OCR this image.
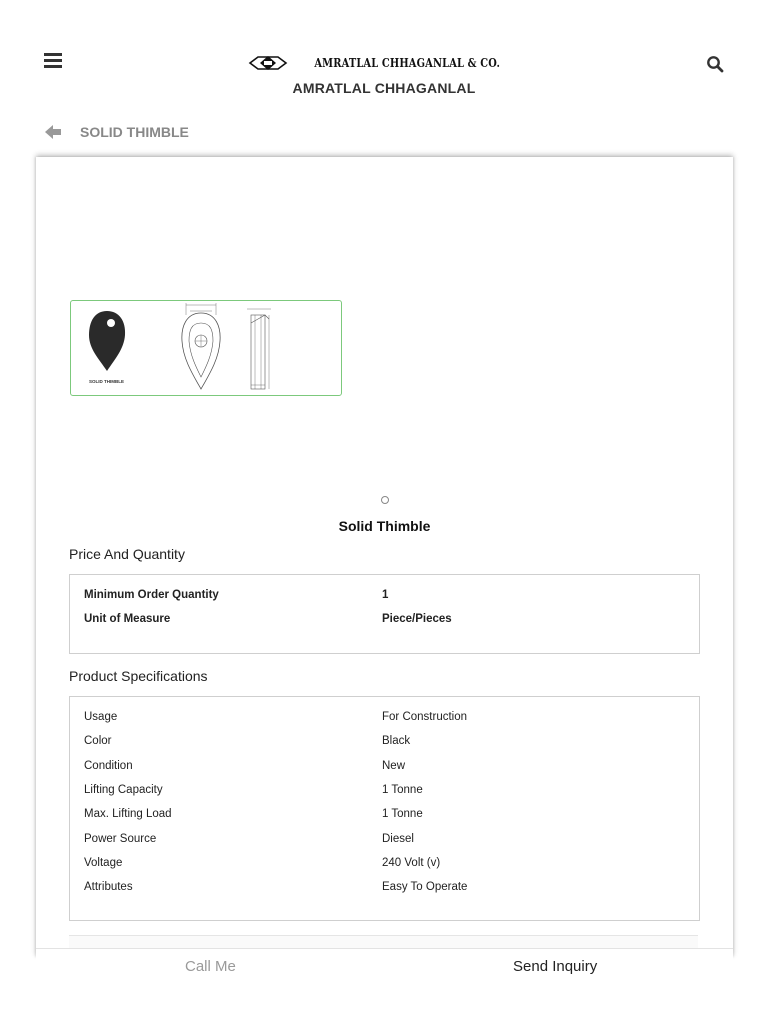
AMRATLAL CHHAGANLAL & CO.
AMRATLAL CHHAGANLAL
SOLID THIMBLE
SOLID THIMBLE
Solid Thimble
Price And Quantity
Minimum Order Quantity	1
Unit of Measure	Piece/Pieces
Product Specifications
Usage	For Construction
Color	Black
Condition	New
Lifting Capacity	1 Tonne
Max. Lifting Load	1 Tonne
Power Source	Diesel
Voltage	240 Volt (v)
Attributes	Easy To Operate
Call Me	Send Inquiry
